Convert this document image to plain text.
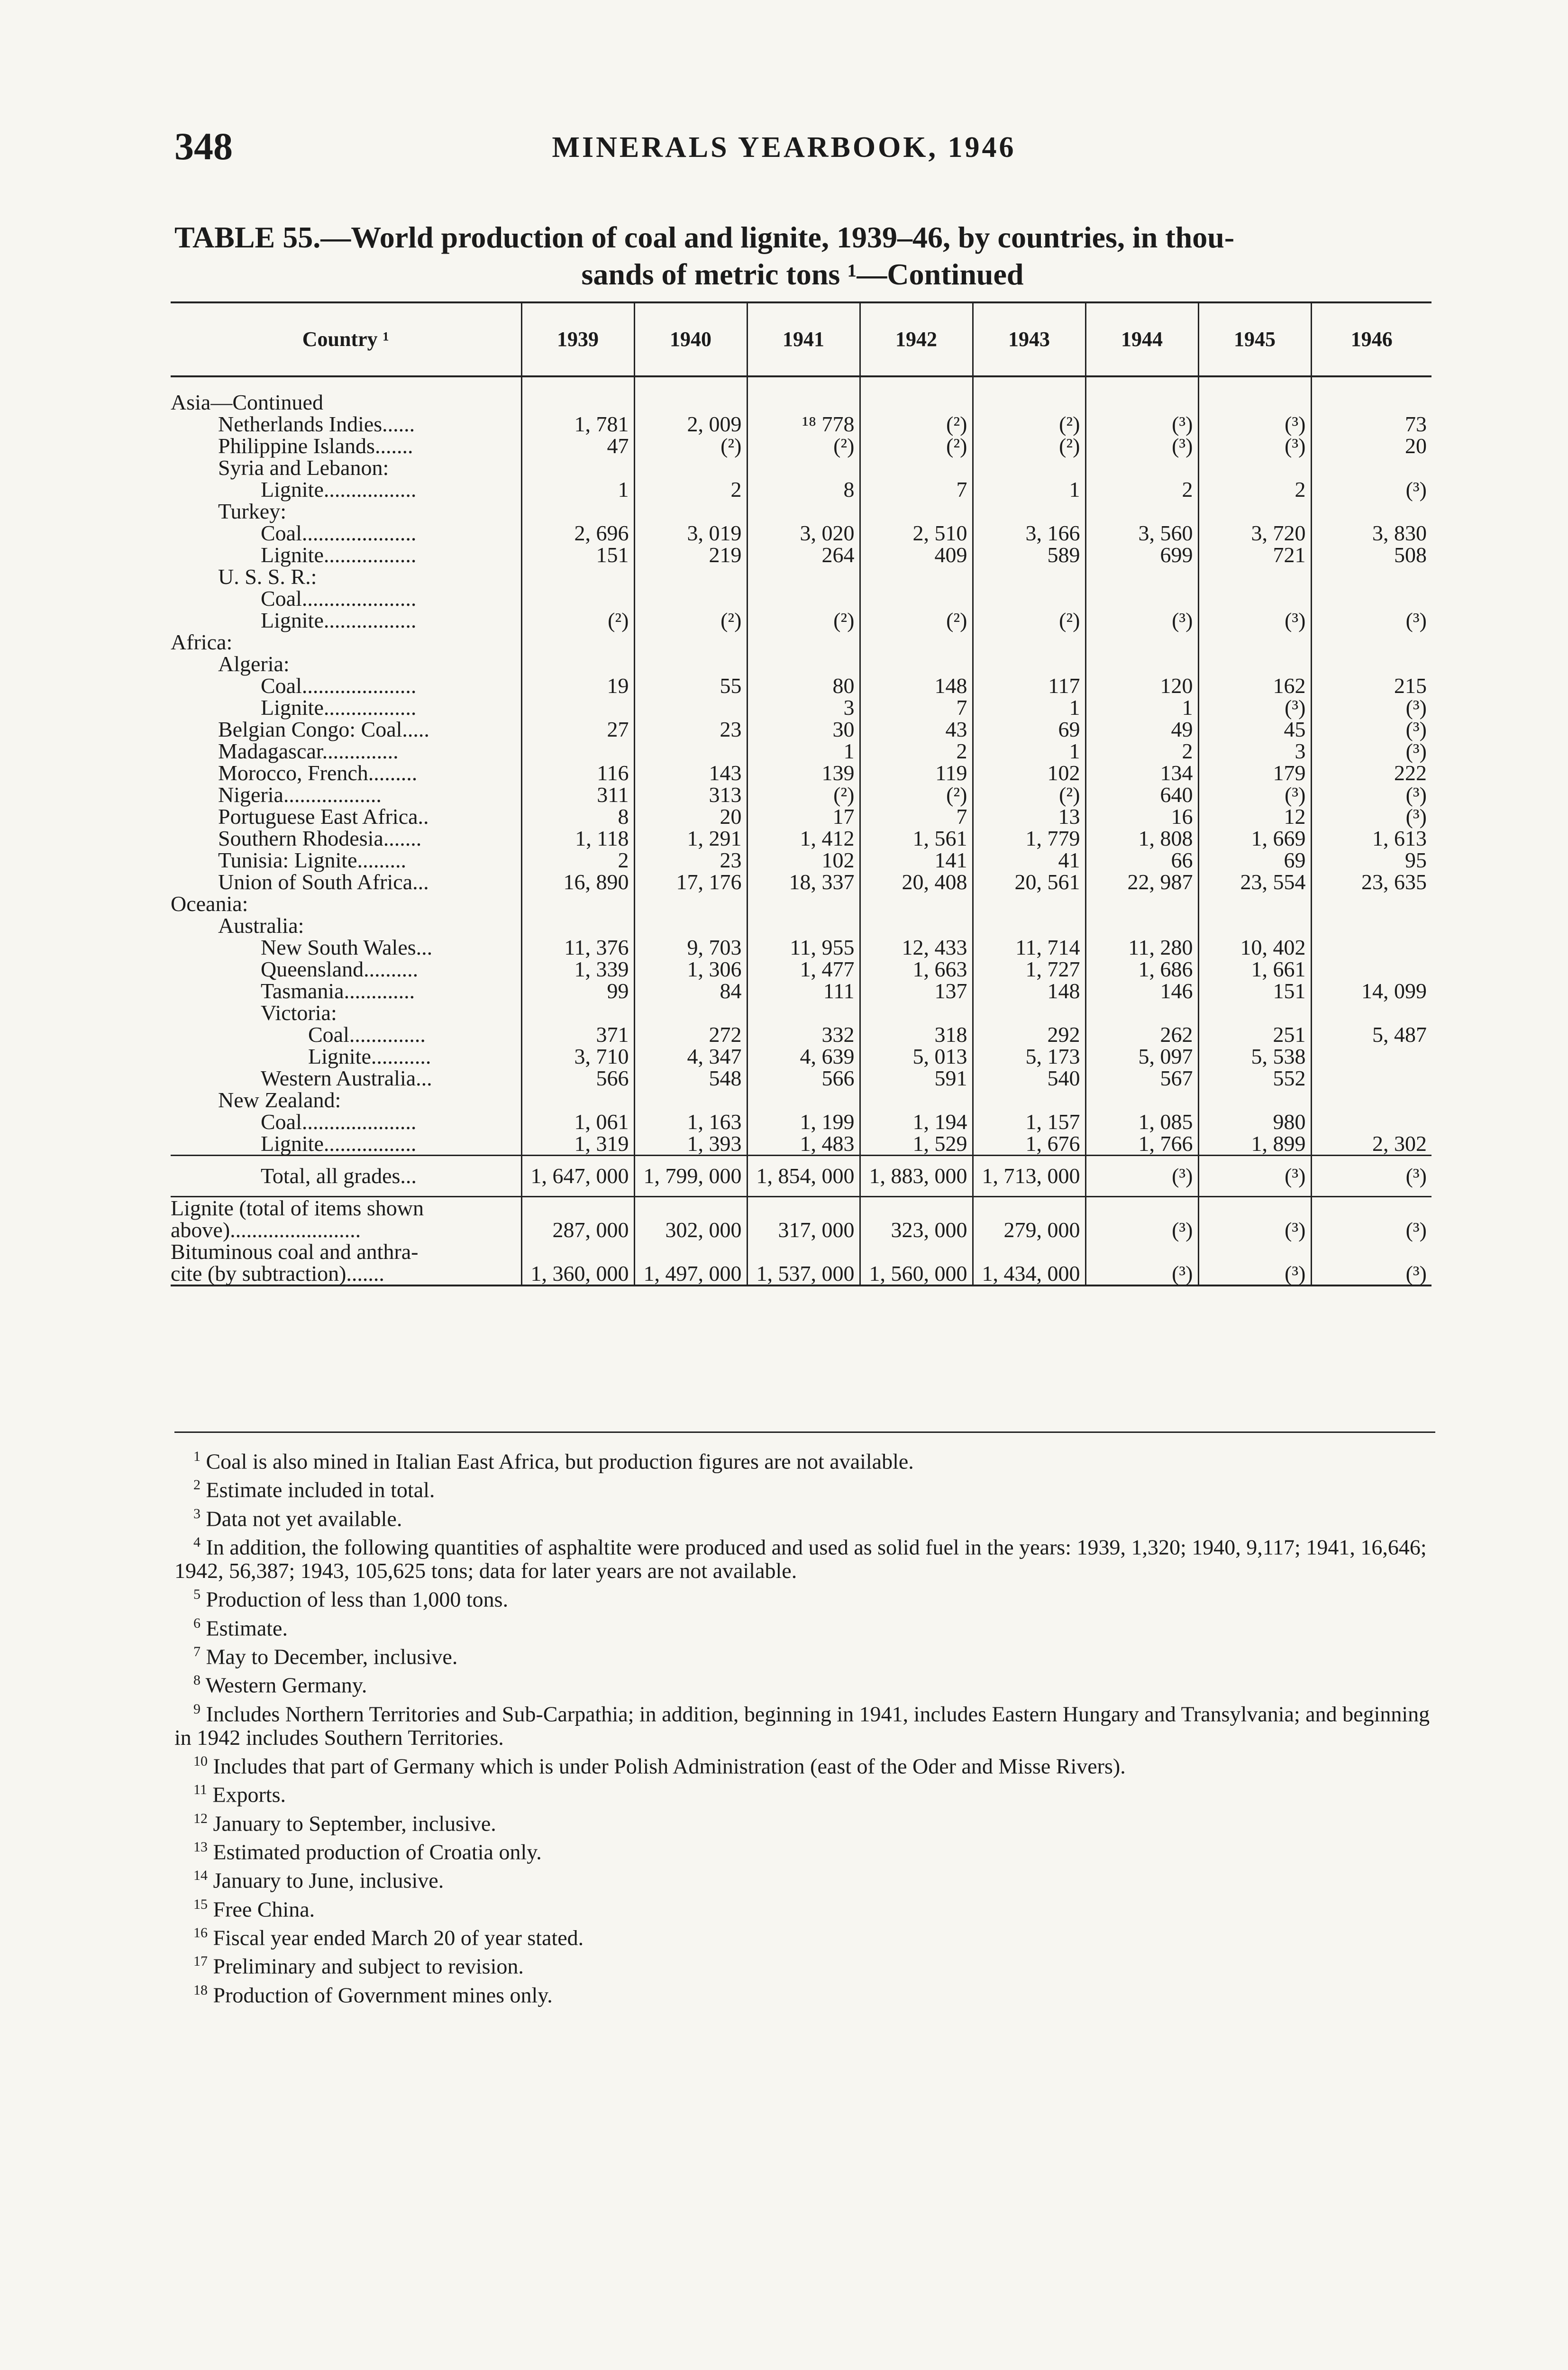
348	MINERALS YEARBOOK, 1946
TABLE 55.—World production of coal and lignite, 1939–46, by countries, in thou-
sands of metric tons ¹—Continued
Country ¹	1939	1940	1941	1942	1943	1944	1945	1946

Asia—Continued								
Netherlands Indies......	1, 781	2, 009	¹⁸ 778	(²)	(²)	(³)	(³)	73
Philippine Islands.......	47	(²)	(²)	(²)	(²)	(³)	(³)	20
Syria and Lebanon:								
Lignite.................	1	2	8	7	1	2	2	(³)
Turkey:								
Coal.....................	2, 696	3, 019	3, 020	2, 510	3, 166	3, 560	3, 720	3, 830
Lignite.................	151	219	264	409	589	699	721	508
U. S. S. R.:								
Coal.....................								
Lignite.................	(²)	(²)	(²)	(²)	(²)	(³)	(³)	(³)
Africa:								
Algeria:								
Coal.....................	19	55	80	148	117	120	162	215
Lignite.................			3	7	1	1	(³)	(³)
Belgian Congo: Coal.....	27	23	30	43	69	49	45	(³)
Madagascar..............			1	2	1	2	3	(³)
Morocco, French.........	116	143	139	119	102	134	179	222
Nigeria..................	311	313	(²)	(²)	(²)	640	(³)	(³)
Portuguese East Africa..	8	20	17	7	13	16	12	(³)
Southern Rhodesia.......	1, 118	1, 291	1, 412	1, 561	1, 779	1, 808	1, 669	1, 613
Tunisia: Lignite.........	2	23	102	141	41	66	69	95
Union of South Africa...	16, 890	17, 176	18, 337	20, 408	20, 561	22, 987	23, 554	23, 635
Oceania:								
Australia:								
New South Wales...	11, 376	9, 703	11, 955	12, 433	11, 714	11, 280	10, 402	
Queensland..........	1, 339	1, 306	1, 477	1, 663	1, 727	1, 686	1, 661	
Tasmania.............	99	84	111	137	148	146	151	14, 099
Victoria:								
Coal..............	371	272	332	318	292	262	251	5, 487
Lignite...........	3, 710	4, 347	4, 639	5, 013	5, 173	5, 097	5, 538	
Western Australia...	566	548	566	591	540	567	552	
New Zealand:								
Coal.....................	1, 061	1, 163	1, 199	1, 194	1, 157	1, 085	980	
Lignite.................	1, 319	1, 393	1, 483	1, 529	1, 676	1, 766	1, 899	2, 302
Total, all grades...	1, 647, 000	1, 799, 000	1, 854, 000	1, 883, 000	1, 713, 000	(³)	(³)	(³)
Lignite (total of items shown
above)........................	287, 000	302, 000	317, 000	323, 000	279, 000	(³)	(³)	(³)
Bituminous coal and anthra-
cite (by subtraction).......	1, 360, 000	1, 497, 000	1, 537, 000	1, 560, 000	1, 434, 000	(³)	(³)	(³)

$^1$ Coal is also mined in Italian East Africa, but production figures are not available.

$^2$ Estimate included in total.

$^3$ Data not yet available.

$^4$ In addition, the following quantities of asphaltite were produced and used as solid fuel in the years: 1939, 1,320; 1940, 9,117; 1941, 16,646; 1942, 56,387; 1943, 105,625 tons; data for later years are not available.

$^5$ Production of less than 1,000 tons.

$^6$ Estimate.

$^7$ May to December, inclusive.

$^8$ Western Germany.

$^9$ Includes Northern Territories and Sub-Carpathia; in addition, beginning in 1941, includes Eastern Hungary and Transylvania; and beginning in 1942 includes Southern Territories.

$^{10}$ Includes that part of Germany which is under Polish Administration (east of the Oder and Misse Rivers).

$^{11}$ Exports.

$^{12}$ January to September, inclusive.

$^{13}$ Estimated production of Croatia only.

$^{14}$ January to June, inclusive.

$^{15}$ Free China.

$^{16}$ Fiscal year ended March 20 of year stated.

$^{17}$ Preliminary and subject to revision.

$^{18}$ Production of Government mines only.
